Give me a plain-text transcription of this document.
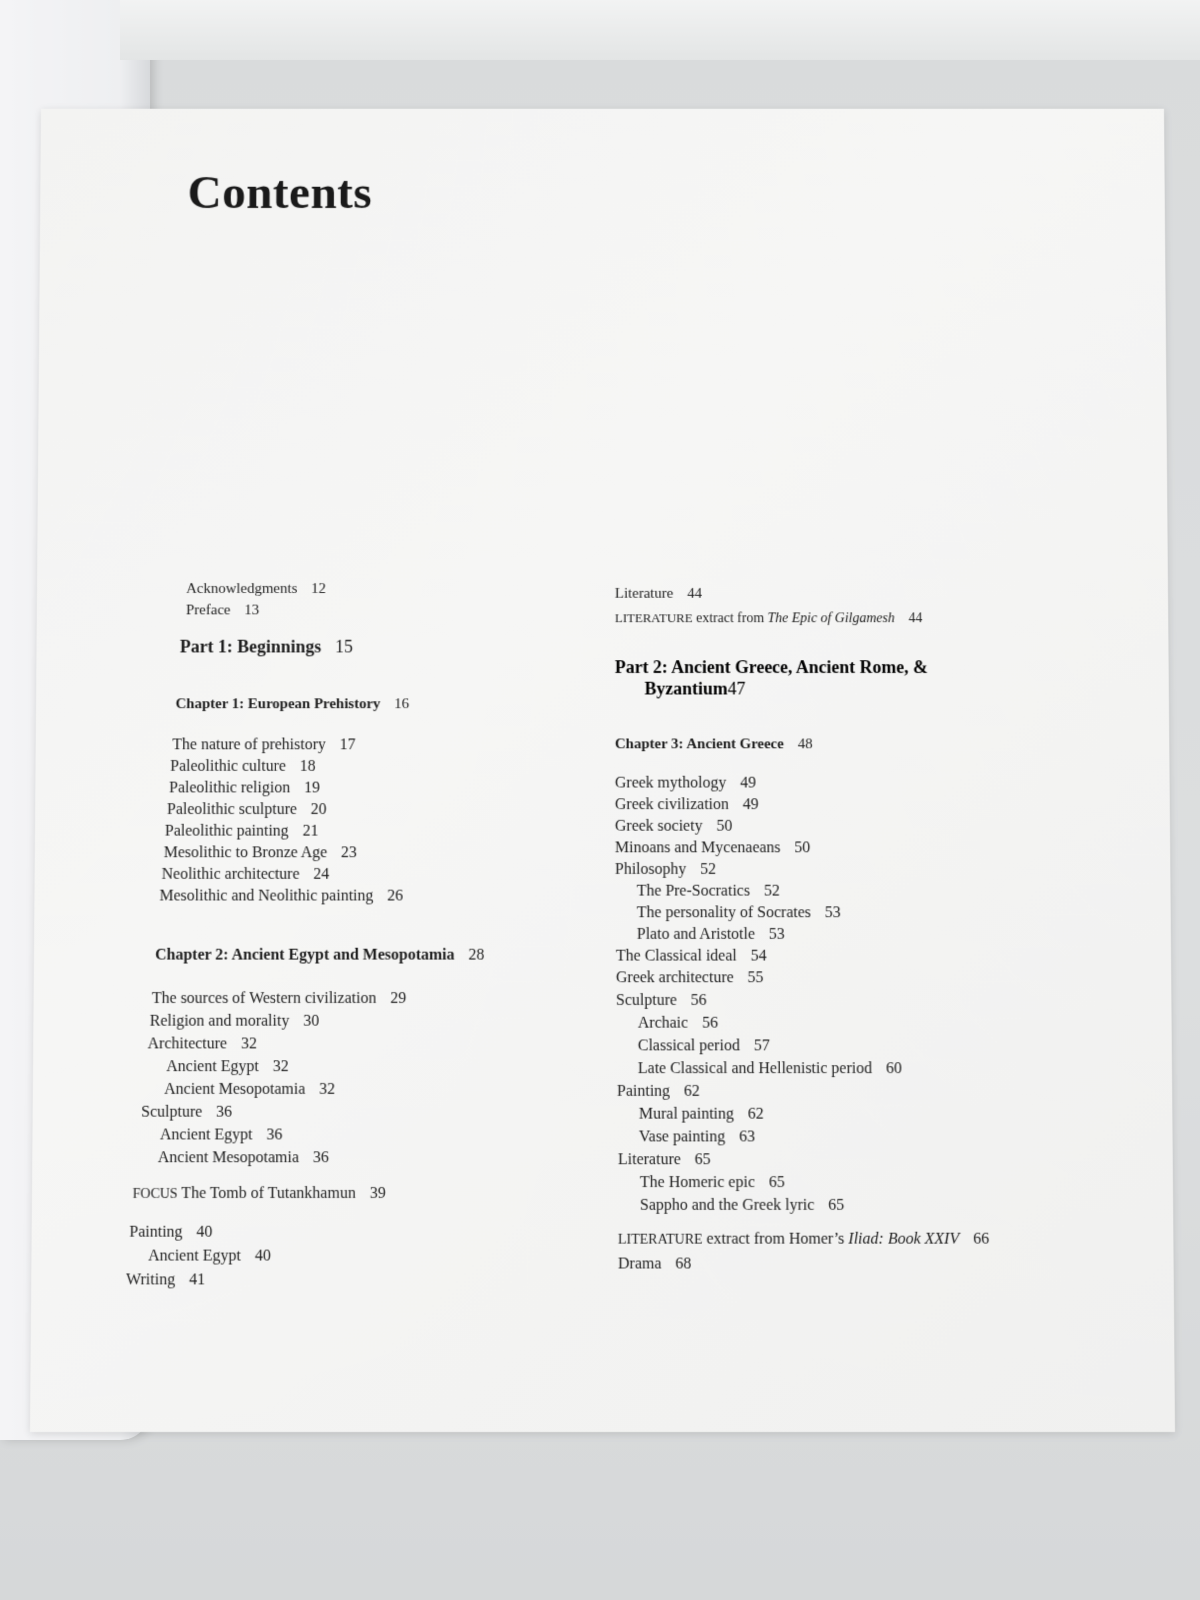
Contents
Acknowledgments 12
Preface 13
Part 1: Beginnings 15
Chapter 1: European Prehistory 16
The nature of prehistory 17
Paleolithic culture 18
Paleolithic religion 19
Paleolithic sculpture 20
Paleolithic painting 21
Mesolithic to Bronze Age 23
Neolithic architecture 24
Mesolithic and Neolithic painting 26
Chapter 2: Ancient Egypt and Mesopotamia 28
The sources of Western civilization 29
Religion and morality 30
Architecture 32
Ancient Egypt 32
Ancient Mesopotamia 32
Sculpture 36
Ancient Egypt 36
Ancient Mesopotamia 36
FOCUS The Tomb of Tutankhamun 39
Painting 40
Ancient Egypt 40
Writing 41
Literature 44
LITERATURE extract from The Epic of Gilgamesh 44
Part 2: Ancient Greece, Ancient Rome, &
Byzantium47
Chapter 3: Ancient Greece 48
Greek mythology 49
Greek civilization 49
Greek society 50
Minoans and Mycenaeans 50
Philosophy 52
The Pre-Socratics 52
The personality of Socrates 53
Plato and Aristotle 53
The Classical ideal 54
Greek architecture 55
Sculpture 56
Archaic 56
Classical period 57
Late Classical and Hellenistic period 60
Painting 62
Mural painting 62
Vase painting 63
Literature 65
The Homeric epic 65
Sappho and the Greek lyric 65
LITERATURE extract from Homer’s Iliad: Book XXIV 66
Drama 68
